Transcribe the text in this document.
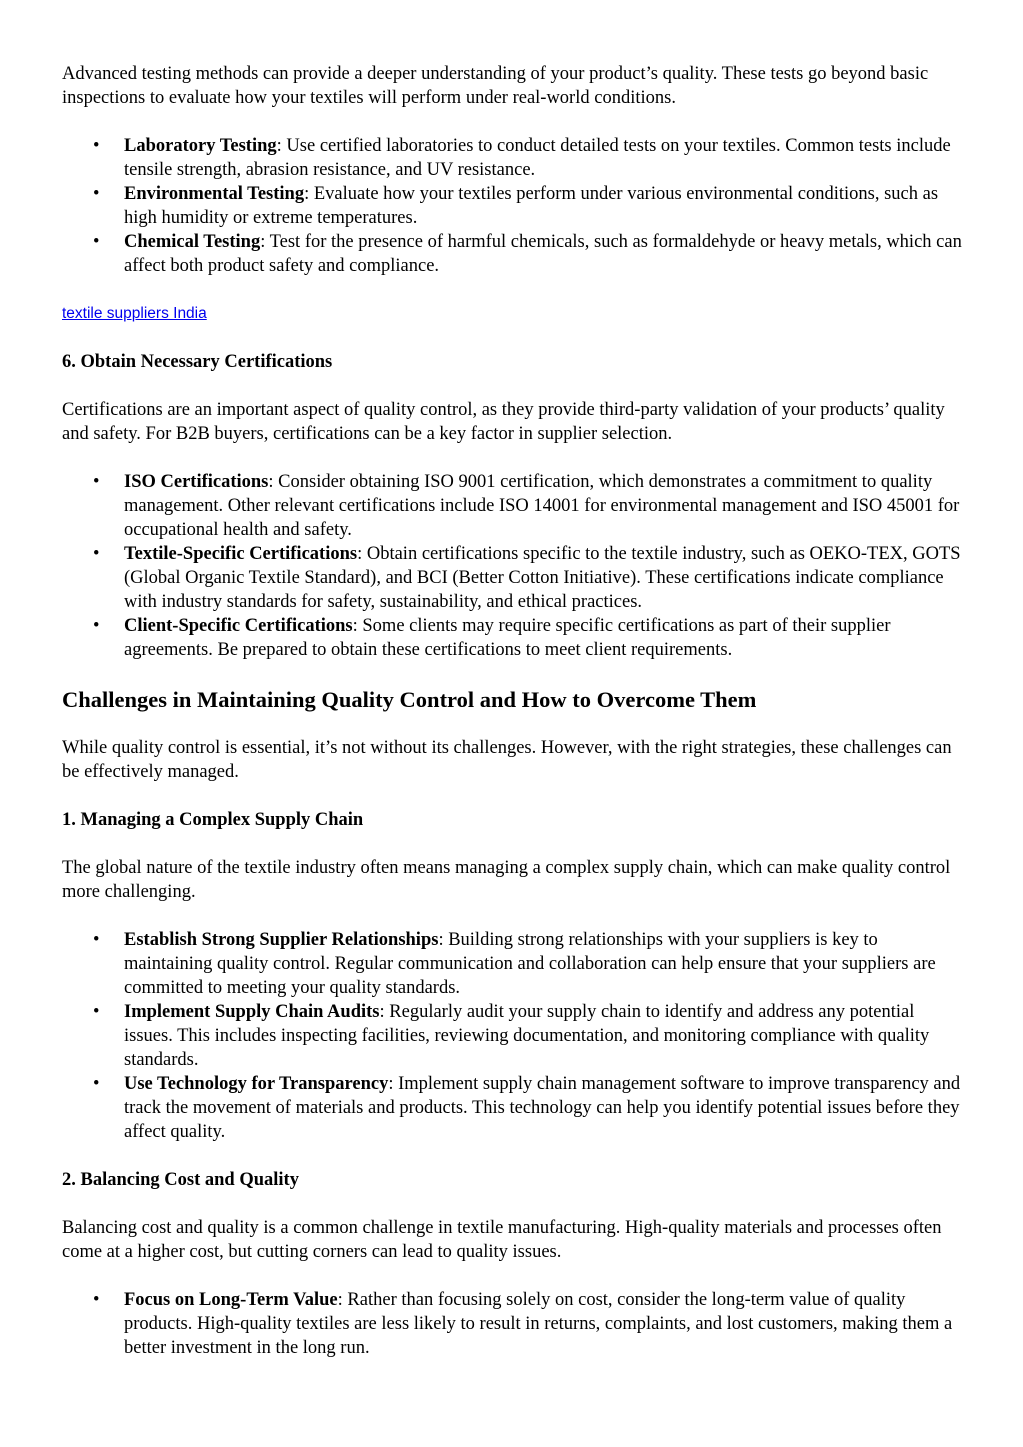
Advanced testing methods can provide a deeper understanding of your product’s quality. These tests go beyond basic inspections to evaluate how your textiles will perform under real-world conditions.

• Laboratory Testing: Use certified laboratories to conduct detailed tests on your textiles. Common tests include tensile strength, abrasion resistance, and UV resistance.
• Environmental Testing: Evaluate how your textiles perform under various environmental conditions, such as high humidity or extreme temperatures.
• Chemical Testing: Test for the presence of harmful chemicals, such as formaldehyde or heavy metals, which can affect both product safety and compliance.

textile suppliers India

6. Obtain Necessary Certifications

Certifications are an important aspect of quality control, as they provide third-party validation of your products’ quality and safety. For B2B buyers, certifications can be a key factor in supplier selection.

• ISO Certifications: Consider obtaining ISO 9001 certification, which demonstrates a commitment to quality management. Other relevant certifications include ISO 14001 for environmental management and ISO 45001 for occupational health and safety.
• Textile-Specific Certifications: Obtain certifications specific to the textile industry, such as OEKO-TEX, GOTS (Global Organic Textile Standard), and BCI (Better Cotton Initiative). These certifications indicate compliance with industry standards for safety, sustainability, and ethical practices.
• Client-Specific Certifications: Some clients may require specific certifications as part of their supplier agreements. Be prepared to obtain these certifications to meet client requirements.

Challenges in Maintaining Quality Control and How to Overcome Them

While quality control is essential, it’s not without its challenges. However, with the right strategies, these challenges can be effectively managed.

1. Managing a Complex Supply Chain

The global nature of the textile industry often means managing a complex supply chain, which can make quality control more challenging.

• Establish Strong Supplier Relationships: Building strong relationships with your suppliers is key to maintaining quality control. Regular communication and collaboration can help ensure that your suppliers are committed to meeting your quality standards.
• Implement Supply Chain Audits: Regularly audit your supply chain to identify and address any potential issues. This includes inspecting facilities, reviewing documentation, and monitoring compliance with quality standards.
• Use Technology for Transparency: Implement supply chain management software to improve transparency and track the movement of materials and products. This technology can help you identify potential issues before they affect quality.

2. Balancing Cost and Quality

Balancing cost and quality is a common challenge in textile manufacturing. High-quality materials and processes often come at a higher cost, but cutting corners can lead to quality issues.

• Focus on Long-Term Value: Rather than focusing solely on cost, consider the long-term value of quality products. High-quality textiles are less likely to result in returns, complaints, and lost customers, making them a better investment in the long run.
